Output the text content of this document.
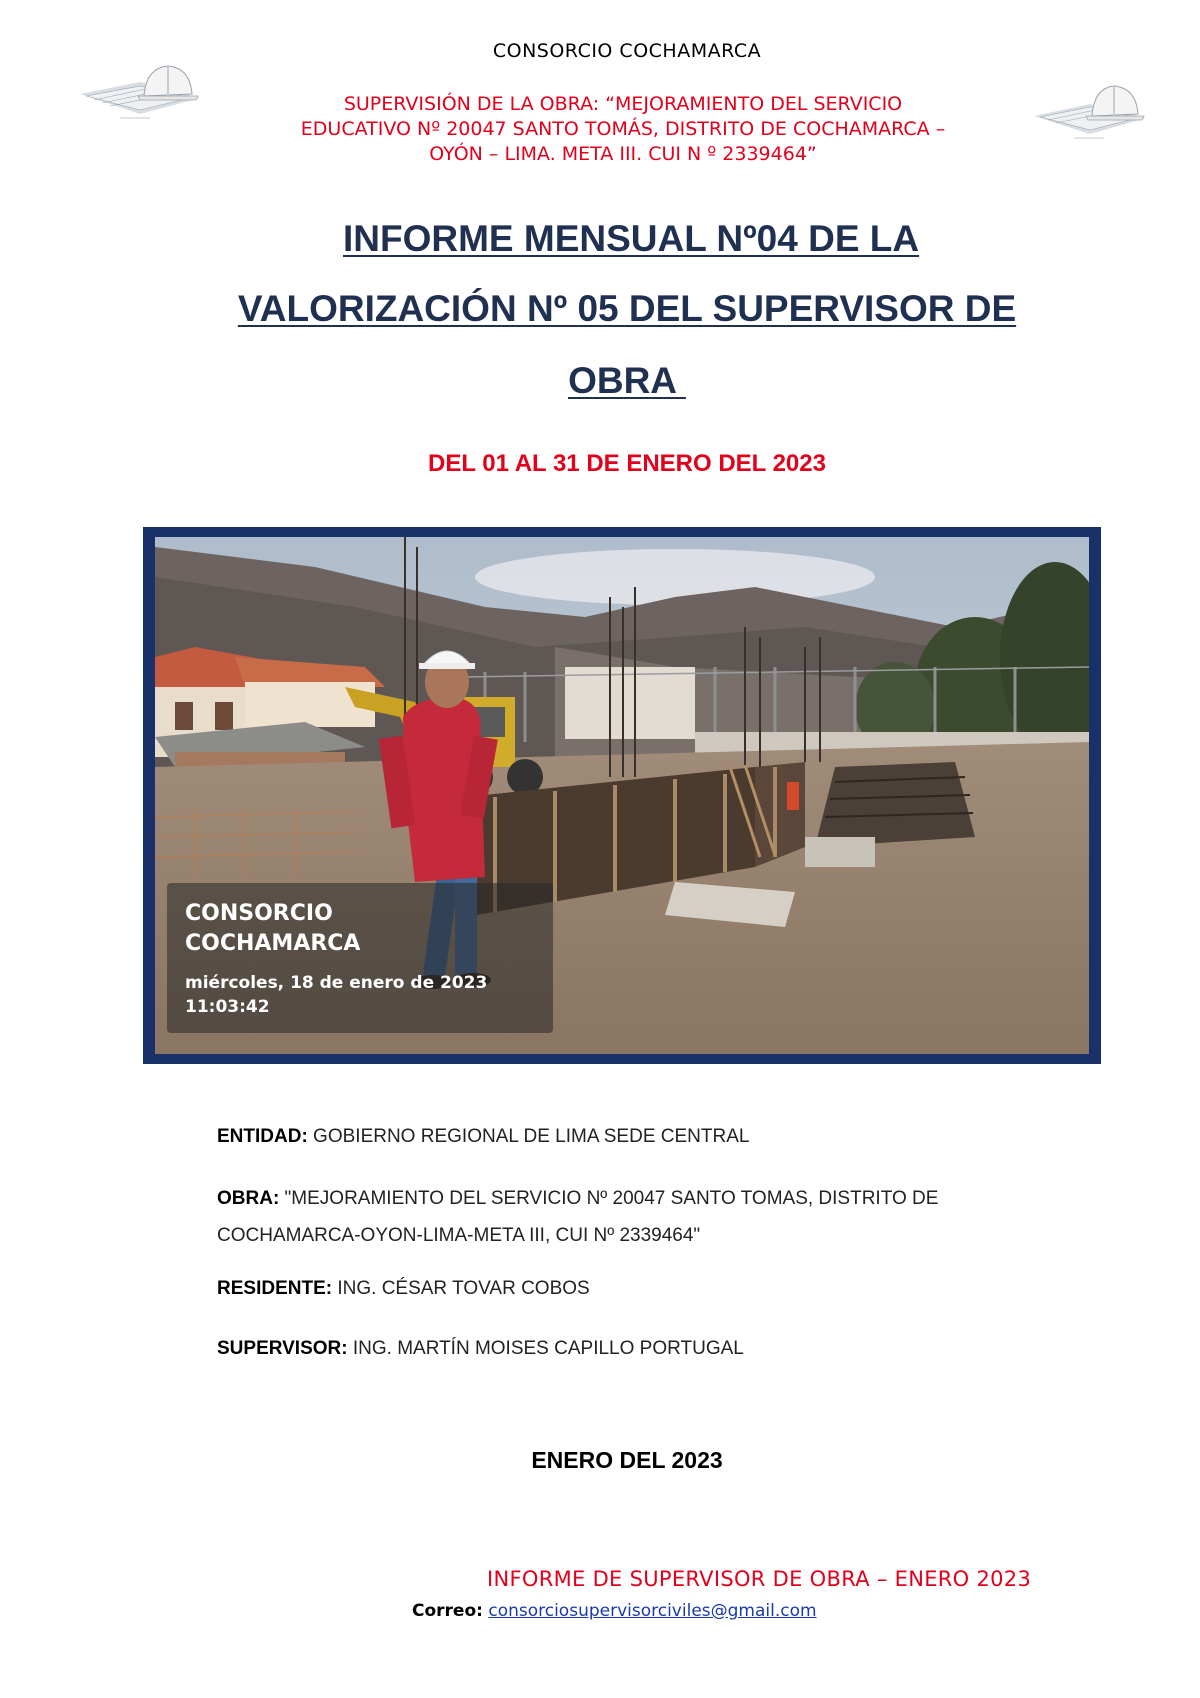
CONSORCIO COCHAMARCA
SUPERVISIÓN DE LA OBRA: “MEJORAMIENTO DEL SERVICIO
EDUCATIVO Nº 20047 SANTO TOMÁS, DISTRITO DE COCHAMARCA –
OYÓN – LIMA. META III. CUI N º 2339464”
INFORME MENSUAL Nº04 DE LA
VALORIZACIÓN Nº 05 DEL SUPERVISOR DE
OBRA
DEL 01 AL 31 DE ENERO DEL 2023
CONSORCIO
COCHAMARCA
miércoles, 18 de enero de 2023
11:03:42
ENTIDAD: GOBIERNO REGIONAL DE LIMA SEDE CENTRAL
OBRA: "MEJORAMIENTO DEL SERVICIO Nº 20047 SANTO TOMAS, DISTRITO DE
COCHAMARCA-OYON-LIMA-META III, CUI Nº 2339464"
RESIDENTE: ING. CÉSAR TOVAR COBOS
SUPERVISOR: ING. MARTÍN MOISES CAPILLO PORTUGAL
ENERO DEL 2023
INFORME DE SUPERVISOR DE OBRA – ENERO 2023
Correo: consorciosupervisorciviles@gmail.com
